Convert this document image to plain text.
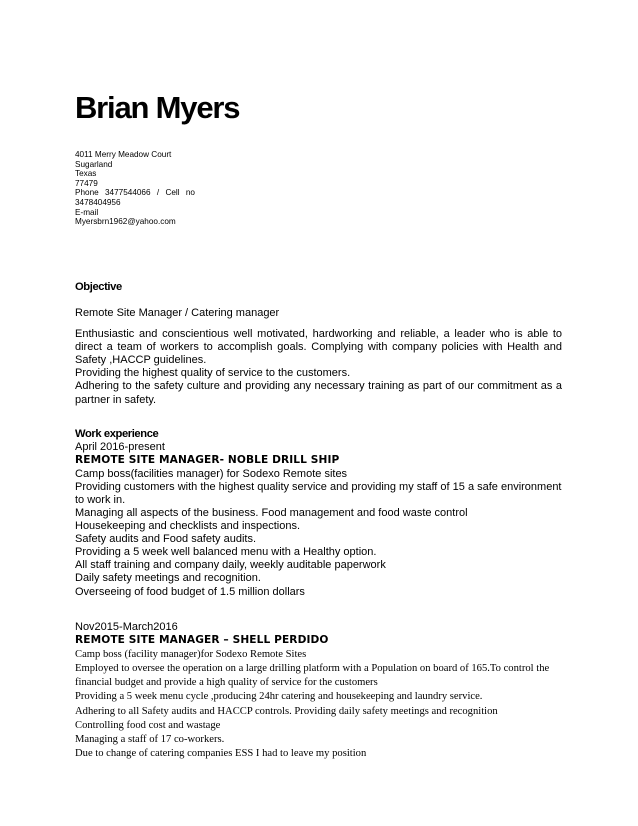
Brian Myers
4011 Merry Meadow Court
Sugarland
Texas
77479
Phone 3477544066 / Cell no
3478404956
E-mail
Myersbrn1962@yahoo.com
Objective
Remote Site Manager / Catering manager
Enthusiastic and conscientious well motivated, hardworking and reliable, a leader who is able to direct a team of workers to accomplish goals. Complying with company policies with Health and Safety ,HACCP guidelines.
Providing the highest quality of service to the customers.
Adhering to the safety culture and providing any necessary training as part of our commitment as a partner in safety.
Work experience
April 2016-present
REMOTE SITE MANAGER- NOBLE DRILL SHIP
Camp boss(facilities manager) for Sodexo Remote sites
Providing customers with the highest quality service and providing my staff of 15 a safe environment to work in.
Managing all aspects of the business. Food management and food waste control
Housekeeping and checklists and inspections.
Safety audits and Food safety audits.
Providing a 5 week well balanced menu with a Healthy option.
All staff training and company daily, weekly auditable paperwork
Daily safety meetings and recognition.
Overseeing of food budget of 1.5 million dollars
Nov2015-March2016
REMOTE SITE MANAGER – SHELL PERDIDO
Camp boss (facility manager)for Sodexo Remote Sites
Employed to oversee the operation on a large drilling platform with a Population on board of 165.To control the financial budget and provide a high quality of service for the customers
Providing a 5 week menu cycle ,producing 24hr catering and housekeeping and laundry service.
Adhering to all Safety audits and HACCP controls. Providing daily safety meetings and recognition
Controlling food cost and wastage
Managing a staff of 17 co-workers.
Due to change of catering companies ESS I had to leave my position
